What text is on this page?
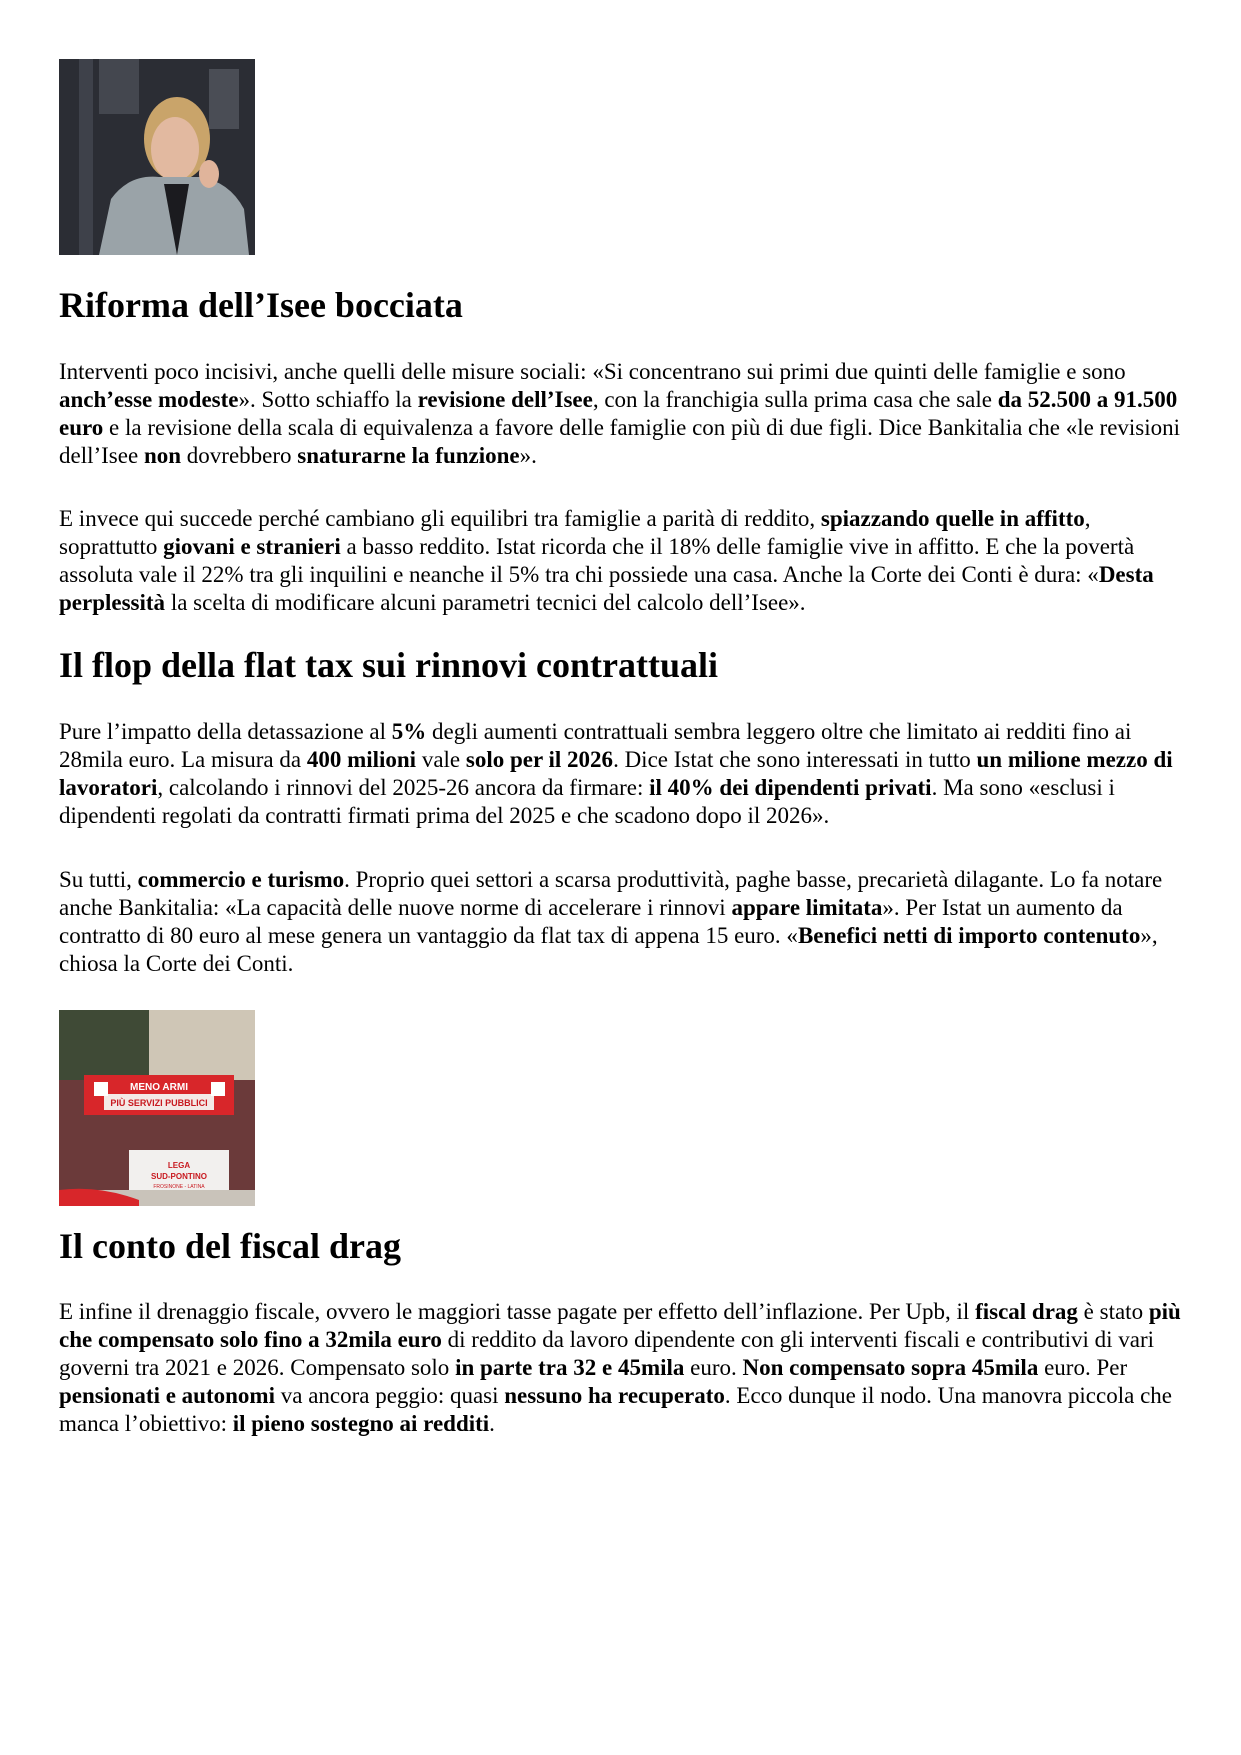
Riforma dell’Isee bocciata

Interventi poco incisivi, anche quelli delle misure sociali: «Si concentrano sui primi due quinti delle famiglie e sono anch’esse modeste». Sotto schiaffo la revisione dell’Isee, con la franchigia sulla prima casa che sale da 52.500 a 91.500 euro e la revisione della scala di equivalenza a favore delle famiglie con più di due figli. Dice Bankitalia che «le revisioni dell’Isee non dovrebbero snaturarne la funzione».

E invece qui succede perché cambiano gli equilibri tra famiglie a parità di reddito, spiazzando quelle in affitto, soprattutto giovani e stranieri a basso reddito. Istat ricorda che il 18% delle famiglie vive in affitto. E che la povertà assoluta vale il 22% tra gli inquilini e neanche il 5% tra chi possiede una casa. Anche la Corte dei Conti è dura: «Desta perplessità la scelta di modificare alcuni parametri tecnici del calcolo dell’Isee».

Il flop della flat tax sui rinnovi contrattuali

Pure l’impatto della detassazione al 5% degli aumenti contrattuali sembra leggero oltre che limitato ai redditi fino ai 28mila euro. La misura da 400 milioni vale solo per il 2026. Dice Istat che sono interessati in tutto un milione mezzo di lavoratori, calcolando i rinnovi del 2025-26 ancora da firmare: il 40% dei dipendenti privati. Ma sono «esclusi i dipendenti regolati da contratti firmati prima del 2025 e che scadono dopo il 2026».

Su tutti, commercio e turismo. Proprio quei settori a scarsa produttività, paghe basse, precarietà dilagante. Lo fa notare anche Bankitalia: «La capacità delle nuove norme di accelerare i rinnovi appare limitata». Per Istat un aumento da contratto di 80 euro al mese genera un vantaggio da flat tax di appena 15 euro. «Benefici netti di importo contenuto», chiosa la Corte dei Conti.

MENO ARMI
PIÙ SERVIZI PUBBLICI
LEGA
SUD-PONTINO
FROSINONE - LATINA
Il conto del fiscal drag

E infine il drenaggio fiscale, ovvero le maggiori tasse pagate per effetto dell’inflazione. Per Upb, il fiscal drag è stato più che compensato solo fino a 32mila euro di reddito da lavoro dipendente con gli interventi fiscali e contributivi di vari governi tra 2021 e 2026. Compensato solo in parte tra 32 e 45mila euro. Non compensato sopra 45mila euro. Per pensionati e autonomi va ancora peggio: quasi nessuno ha recuperato. Ecco dunque il nodo. Una manovra piccola che manca l’obiettivo: il pieno sostegno ai redditi.
